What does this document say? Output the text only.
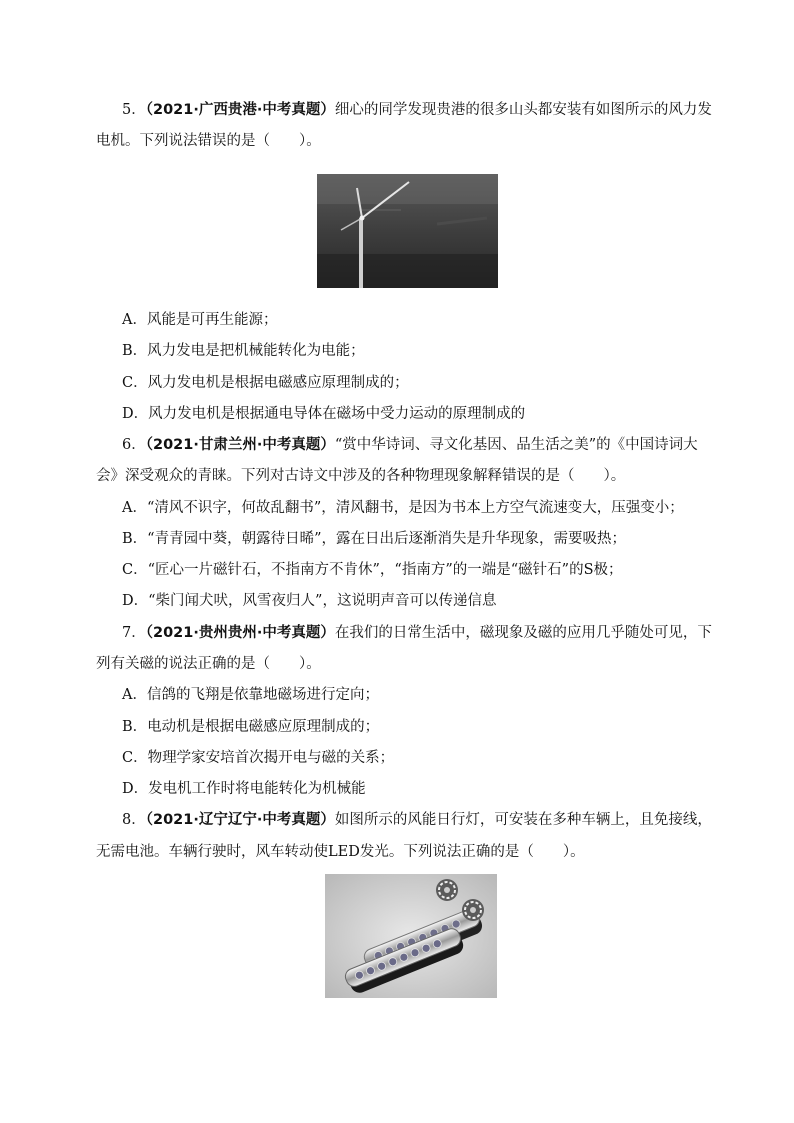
5．（2021·广西贵港·中考真题）细心的同学发现贵港的很多山头都安装有如图所示的风力发
电机。下列说法错误的是（　　）。
A．风能是可再生能源；
B．风力发电是把机械能转化为电能；
C．风力发电机是根据电磁感应原理制成的；
D．风力发电机是根据通电导体在磁场中受力运动的原理制成的
6．（2021·甘肃兰州·中考真题）“赏中华诗词、寻文化基因、品生活之美”的《中国诗词大
会》深受观众的青睐。下列对古诗文中涉及的各种物理现象解释错误的是（　　）。
A．“清风不识字，何故乱翻书”，清风翻书，是因为书本上方空气流速变大，压强变小；
B．“青青园中葵，朝露待日晞”，露在日出后逐渐消失是升华现象，需要吸热；
C．“匠心一片磁针石，不指南方不肯休”，“指南方”的一端是“磁针石”的S极；
D．“柴门闻犬吠，风雪夜归人”，这说明声音可以传递信息
7．（2021·贵州贵州·中考真题）在我们的日常生活中，磁现象及磁的应用几乎随处可见，下
列有关磁的说法正确的是（　　）。
A．信鸽的飞翔是依靠地磁场进行定向；
B．电动机是根据电磁感应原理制成的；
C．物理学家安培首次揭开电与磁的关系；
D．发电机工作时将电能转化为机械能
8．（2021·辽宁辽宁·中考真题）如图所示的风能日行灯，可安装在多种车辆上，且免接线，
无需电池。车辆行驶时，风车转动使LED发光。下列说法正确的是（　　）。
